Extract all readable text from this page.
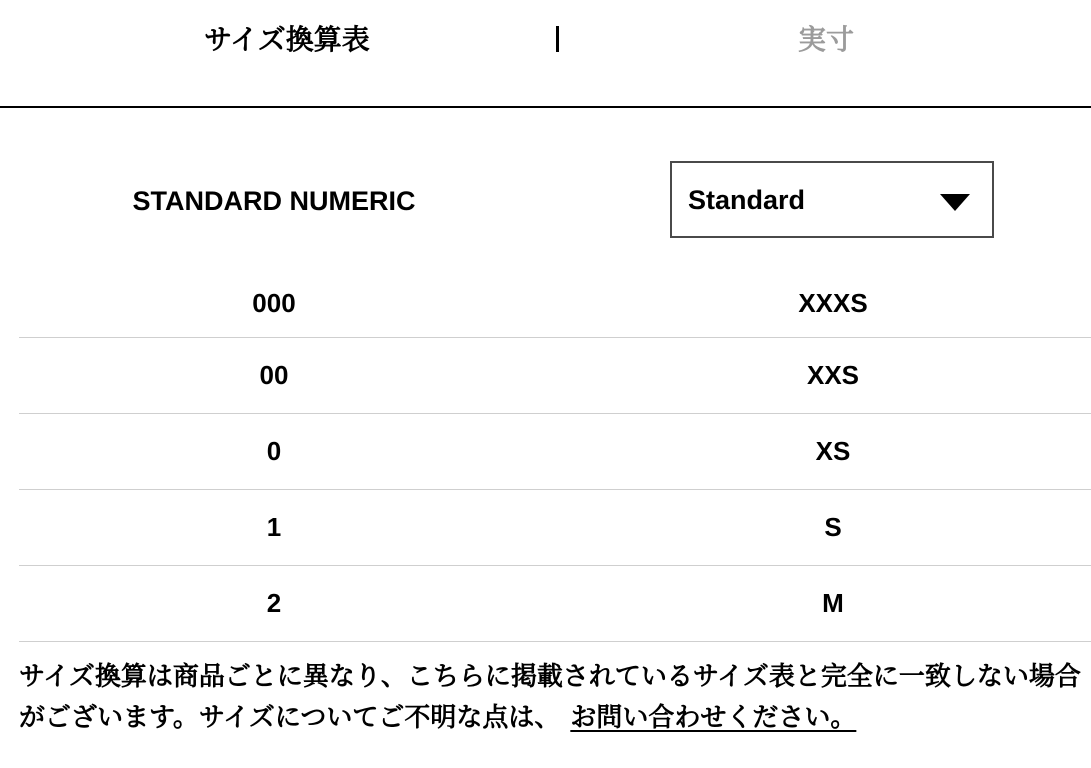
サイズ換算表	実寸
STANDARD NUMERIC	Standard
000	XXXS
00	XXS
0	XS
1	S
2	M
サイズ換算は商品ごとに異なり、こちらに掲載されているサイズ表と完全に一致しない場合がございます。サイズについてご不明な点は、 お問い合わせください。
